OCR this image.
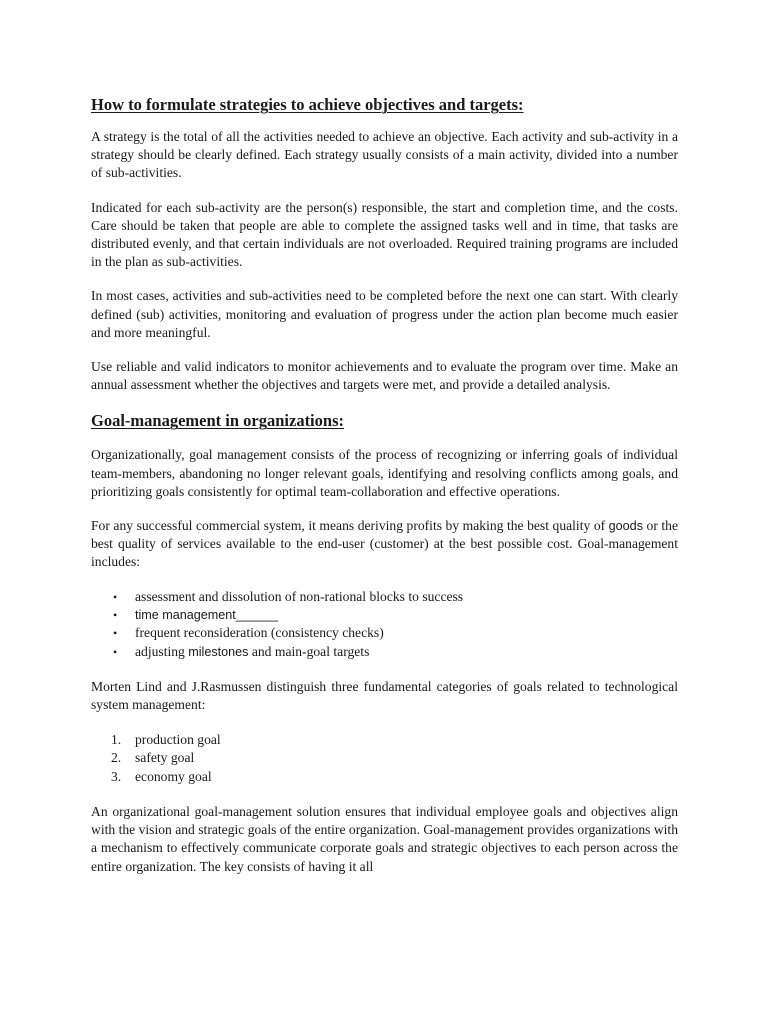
How to formulate strategies to achieve objectives and targets:

A strategy is the total of all the activities needed to achieve an objective. Each activity and sub-activity in a strategy should be clearly defined. Each strategy usually consists of a main activity, divided into a number of sub-activities.

Indicated for each sub-activity are the person(s) responsible, the start and completion time, and the costs. Care should be taken that people are able to complete the assigned tasks well and in time, that tasks are distributed evenly, and that certain individuals are not overloaded. Required training programs are included in the plan as sub-activities.

In most cases, activities and sub-activities need to be completed before the next one can start. With clearly defined (sub) activities, monitoring and evaluation of progress under the action plan become much easier and more meaningful.

Use reliable and valid indicators to monitor achievements and to evaluate the program over time. Make an annual assessment whether the objectives and targets were met, and provide a detailed analysis.

Goal-management in organizations:

Organizationally, goal management consists of the process of recognizing or inferring goals of individual team-members, abandoning no longer relevant goals, identifying and resolving conflicts among goals, and prioritizing goals consistently for optimal team-collaboration and effective operations.

For any successful commercial system, it means deriving profits by making the best quality of goods or the best quality of services available to the end-user (customer) at the best possible cost. Goal-management includes:

• assessment and dissolution of non-rational blocks to success
• time management______
• frequent reconsideration (consistency checks)
• adjusting milestones and main-goal targets

Morten Lind and J.Rasmussen distinguish three fundamental categories of goals related to technological system management:

1. production goal
2. safety goal
3. economy goal

An organizational goal-management solution ensures that individual employee goals and objectives align with the vision and strategic goals of the entire organization. Goal-management provides organizations with a mechanism to effectively communicate corporate goals and strategic objectives to each person across the entire organization. The key consists of having it all
